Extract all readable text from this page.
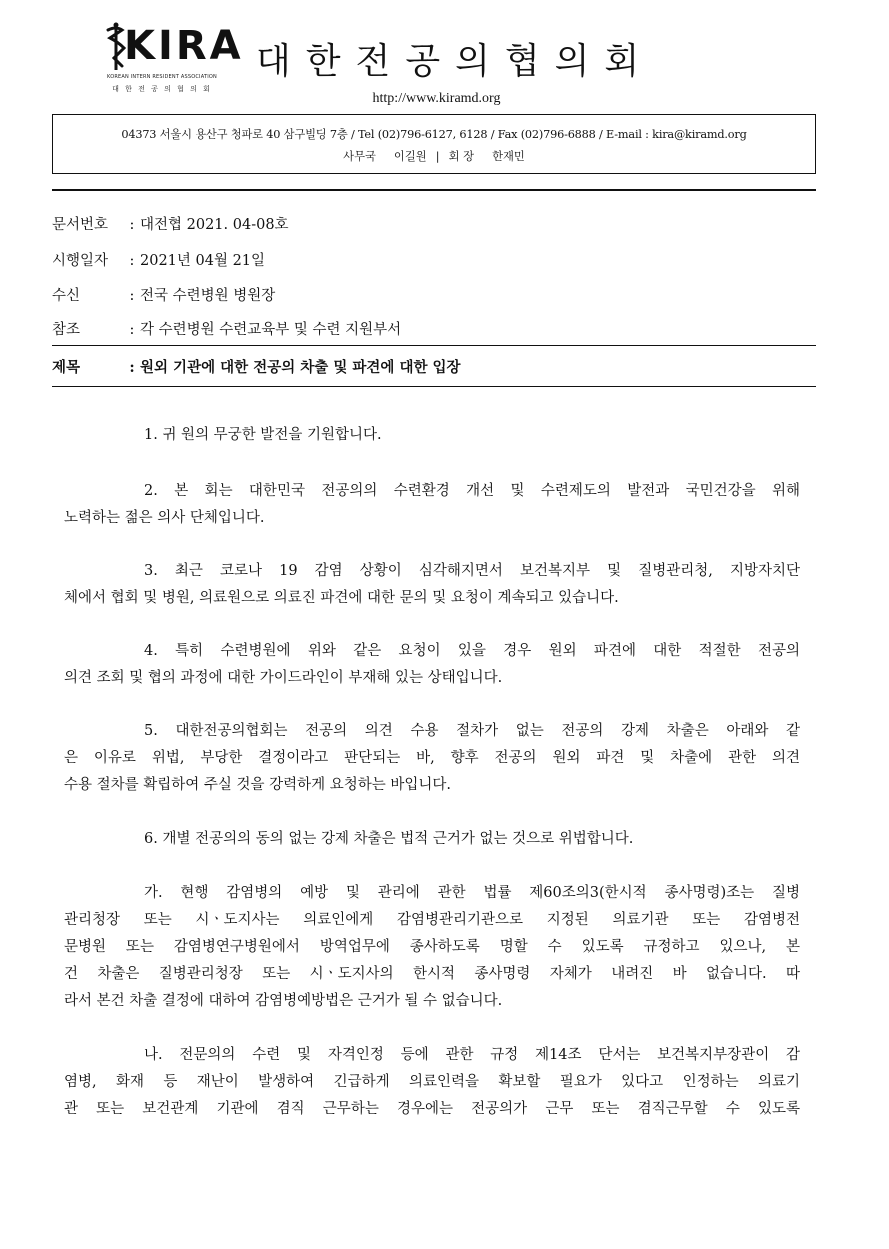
KIRA
KOREAN INTERN RESIDENT ASSOCIATION
대 한 전 공 의 협 의 회
대한전공의협의회
http://www.kiramd.org
04373 서울시 용산구 청파로 40 삼구빌딩 7층 / Tel (02)796-6127, 6128 / Fax (02)796-6888 / E-mail : kira@kiramd.org
사무국 이길원 | 회 장 한재민
문서번호 : 대전협 2021. 04-08호
시행일자 : 2021년 04월 21일
수신	: 전국 수련병원 병원장
참조	: 각 수련병원 수련교육부 및 수련 지원부서
제목	: 원외 기관에 대한 전공의 차출 및 파견에 대한 입장
1. 귀 원의 무궁한 발전을 기원합니다.
2. 본 회는 대한민국 전공의의 수련환경 개선 및 수련제도의 발전과 국민건강을 위해
노력하는 젊은 의사 단체입니다.
3. 최근 코로나 19 감염 상황이 심각해지면서 보건복지부 및 질병관리청, 지방자치단
체에서 협회 및 병원, 의료원으로 의료진 파견에 대한 문의 및 요청이 계속되고 있습니다.
4. 특히 수련병원에 위와 같은 요청이 있을 경우 원외 파견에 대한 적절한 전공의
의견 조회 및 협의 과정에 대한 가이드라인이 부재해 있는 상태입니다.
5. 대한전공의협회는 전공의 의견 수용 절차가 없는 전공의 강제 차출은 아래와 같
은 이유로 위법, 부당한 결정이라고 판단되는 바, 향후 전공의 원외 파견 및 차출에 관한 의견
수용 절차를 확립하여 주실 것을 강력하게 요청하는 바입니다.
6. 개별 전공의의 동의 없는 강제 차출은 법적 근거가 없는 것으로 위법합니다.
가. 현행 감염병의 예방 및 관리에 관한 법률 제60조의3(한시적 종사명령)조는 질병
관리청장 또는 시ㆍ도지사는 의료인에게 감염병관리기관으로 지정된 의료기관 또는 감염병전
문병원 또는 감염병연구병원에서 방역업무에 종사하도록 명할 수 있도록 규정하고 있으나, 본
건 차출은 질병관리청장 또는 시ㆍ도지사의 한시적 종사명령 자체가 내려진 바 없습니다. 따
라서 본건 차출 결정에 대하여 감염병예방법은 근거가 될 수 없습니다.
나. 전문의의 수련 및 자격인정 등에 관한 규정 제14조 단서는 보건복지부장관이 감
염병, 화재 등 재난이 발생하여 긴급하게 의료인력을 확보할 필요가 있다고 인정하는 의료기
관 또는 보건관계 기관에 겸직 근무하는 경우에는 전공의가 근무 또는 겸직근무할 수 있도록
